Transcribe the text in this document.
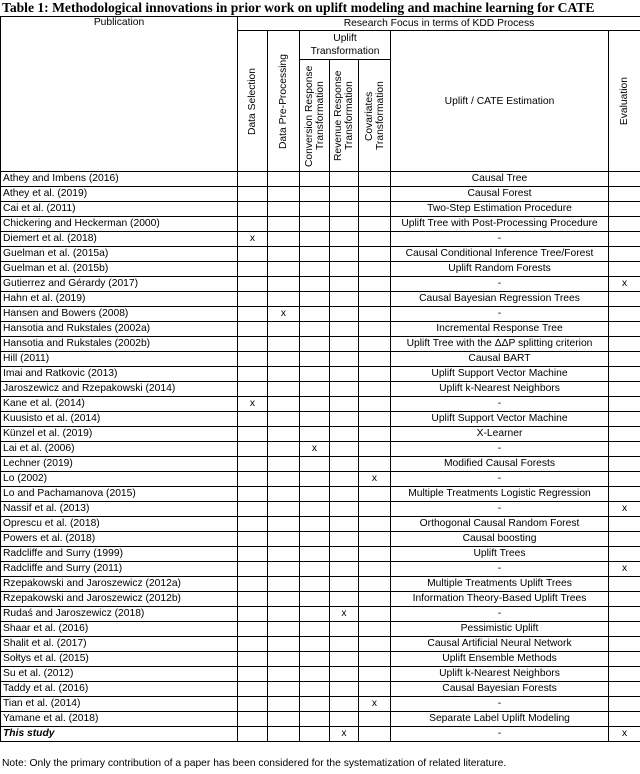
Table 1: Methodological innovations in prior work on uplift modeling and machine learning for CATE
Publication	Research Focus in terms of KDD Process						

	Data Selection	Data Pre-Processing	Uplift Transformation			Uplift / CATE Estimation	Evaluation

			Conversion Response Transformation	Revenue Response Transformation	Covariates Transformation		

Athey and Imbens (2016)						Causal Tree	
Athey et al. (2019)						Causal Forest	
Cai et al. (2011)						Two-Step Estimation Procedure	
Chickering and Heckerman (2000)						Uplift Tree with Post-Processing Procedure	
Diemert et al. (2018)	x					-	
Guelman et al. (2015a)						Causal Conditional Inference Tree/Forest	
Guelman et al. (2015b)						Uplift Random Forests	
Gutierrez and Gérardy (2017)						-	x
Hahn et al. (2019)						Causal Bayesian Regression Trees	
Hansen and Bowers (2008)		x				-	
Hansotia and Rukstales (2002a)						Incremental Response Tree	
Hansotia and Rukstales (2002b)						Uplift Tree with the ΔΔP splitting criterion	
Hill (2011)						Causal BART	
Imai and Ratkovic (2013)						Uplift Support Vector Machine	
Jaroszewicz and Rzepakowski (2014)						Uplift k-Nearest Neighbors	
Kane et al. (2014)	x					-	
Kuusisto et al. (2014)						Uplift Support Vector Machine	
Künzel et al. (2019)						X-Learner	
Lai et al. (2006)			x			-	
Lechner (2019)						Modified Causal Forests	
Lo (2002)					x	-	
Lo and Pachamanova (2015)						Multiple Treatments Logistic Regression	
Nassif et al. (2013)						-	x
Oprescu et al. (2018)						Orthogonal Causal Random Forest	
Powers et al. (2018)						Causal boosting	
Radcliffe and Surry (1999)						Uplift Trees	
Radcliffe and Surry (2011)						-	x
Rzepakowski and Jaroszewicz (2012a)						Multiple Treatments Uplift Trees	
Rzepakowski and Jaroszewicz (2012b)						Information Theory-Based Uplift Trees	
Rudaś and Jaroszewicz (2018)				x		-	
Shaar et al. (2016)						Pessimistic Uplift	
Shalit et al. (2017)						Causal Artificial Neural Network	
Sołtys et al. (2015)						Uplift Ensemble Methods	
Su et al. (2012)						Uplift k-Nearest Neighbors	
Taddy et al. (2016)						Causal Bayesian Forests	
Tian et al. (2014)					x	-	
Yamane et al. (2018)						Separate Label Uplift Modeling	
This study				x		-	x
Note: Only the primary contribution of a paper has been considered for the systematization of related literature.
